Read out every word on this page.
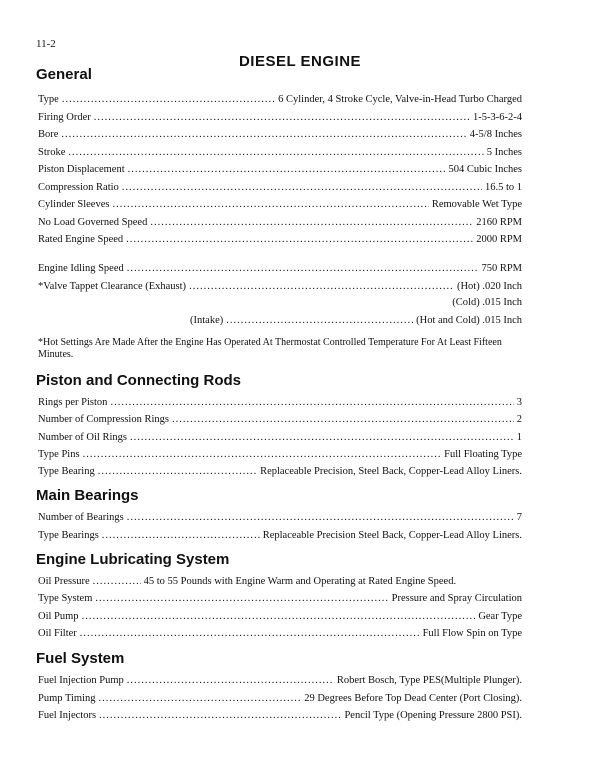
11-2
DIESEL ENGINE
General
Type .....	6 Cylinder, 4 Stroke Cycle, Valve-in-Head Turbo Charged
Firing Order .....	1-5-3-6-2-4
Bore .....	4-5/8 Inches
Stroke .....	5 Inches
Piston Displacement .....	504 Cubic Inches
Compression Ratio .....	16.5 to 1
Cylinder Sleeves .....	Removable Wet Type
No Load Governed Speed .....	2160 RPM
Rated Engine Speed .....	2000 RPM
Engine Idling Speed .....	750 RPM
*Valve Tappet Clearance (Exhaust) .....	(Hot) .020 Inch
(Cold) .015 Inch
(Intake) .....	(Hot and Cold) .015 Inch
*Hot Settings Are Made After the Engine Has Operated At Thermostat Controlled Temperature For At Least Fifteen Minutes.
Piston and Connecting Rods
Rings per Piston .....	3
Number of Compression Rings .....	2
Number of Oil Rings .....	1
Type Pins .....	Full Floating Type
Type Bearing .....	Replaceable Precision, Steel Back, Copper-Lead Alloy Liners.
Main Bearings
Number of Bearings .....	7
Type Bearings .....	Replaceable Precision Steel Back, Copper-Lead Alloy Liners.
Engine Lubricating System
Oil Pressure .....	45 to 55 Pounds with Engine Warm and Operating at Rated Engine Speed.
Type System .....	Pressure and Spray Circulation
Oil Pump .....	Gear Type
Oil Filter .....	Full Flow Spin on Type
Fuel System
Fuel Injection Pump .....	Robert Bosch, Type PES(Multiple Plunger).
Pump Timing .....	29 Degrees Before Top Dead Center (Port Closing).
Fuel Injectors .....	Pencil Type (Opening Pressure 2800 PSI).
